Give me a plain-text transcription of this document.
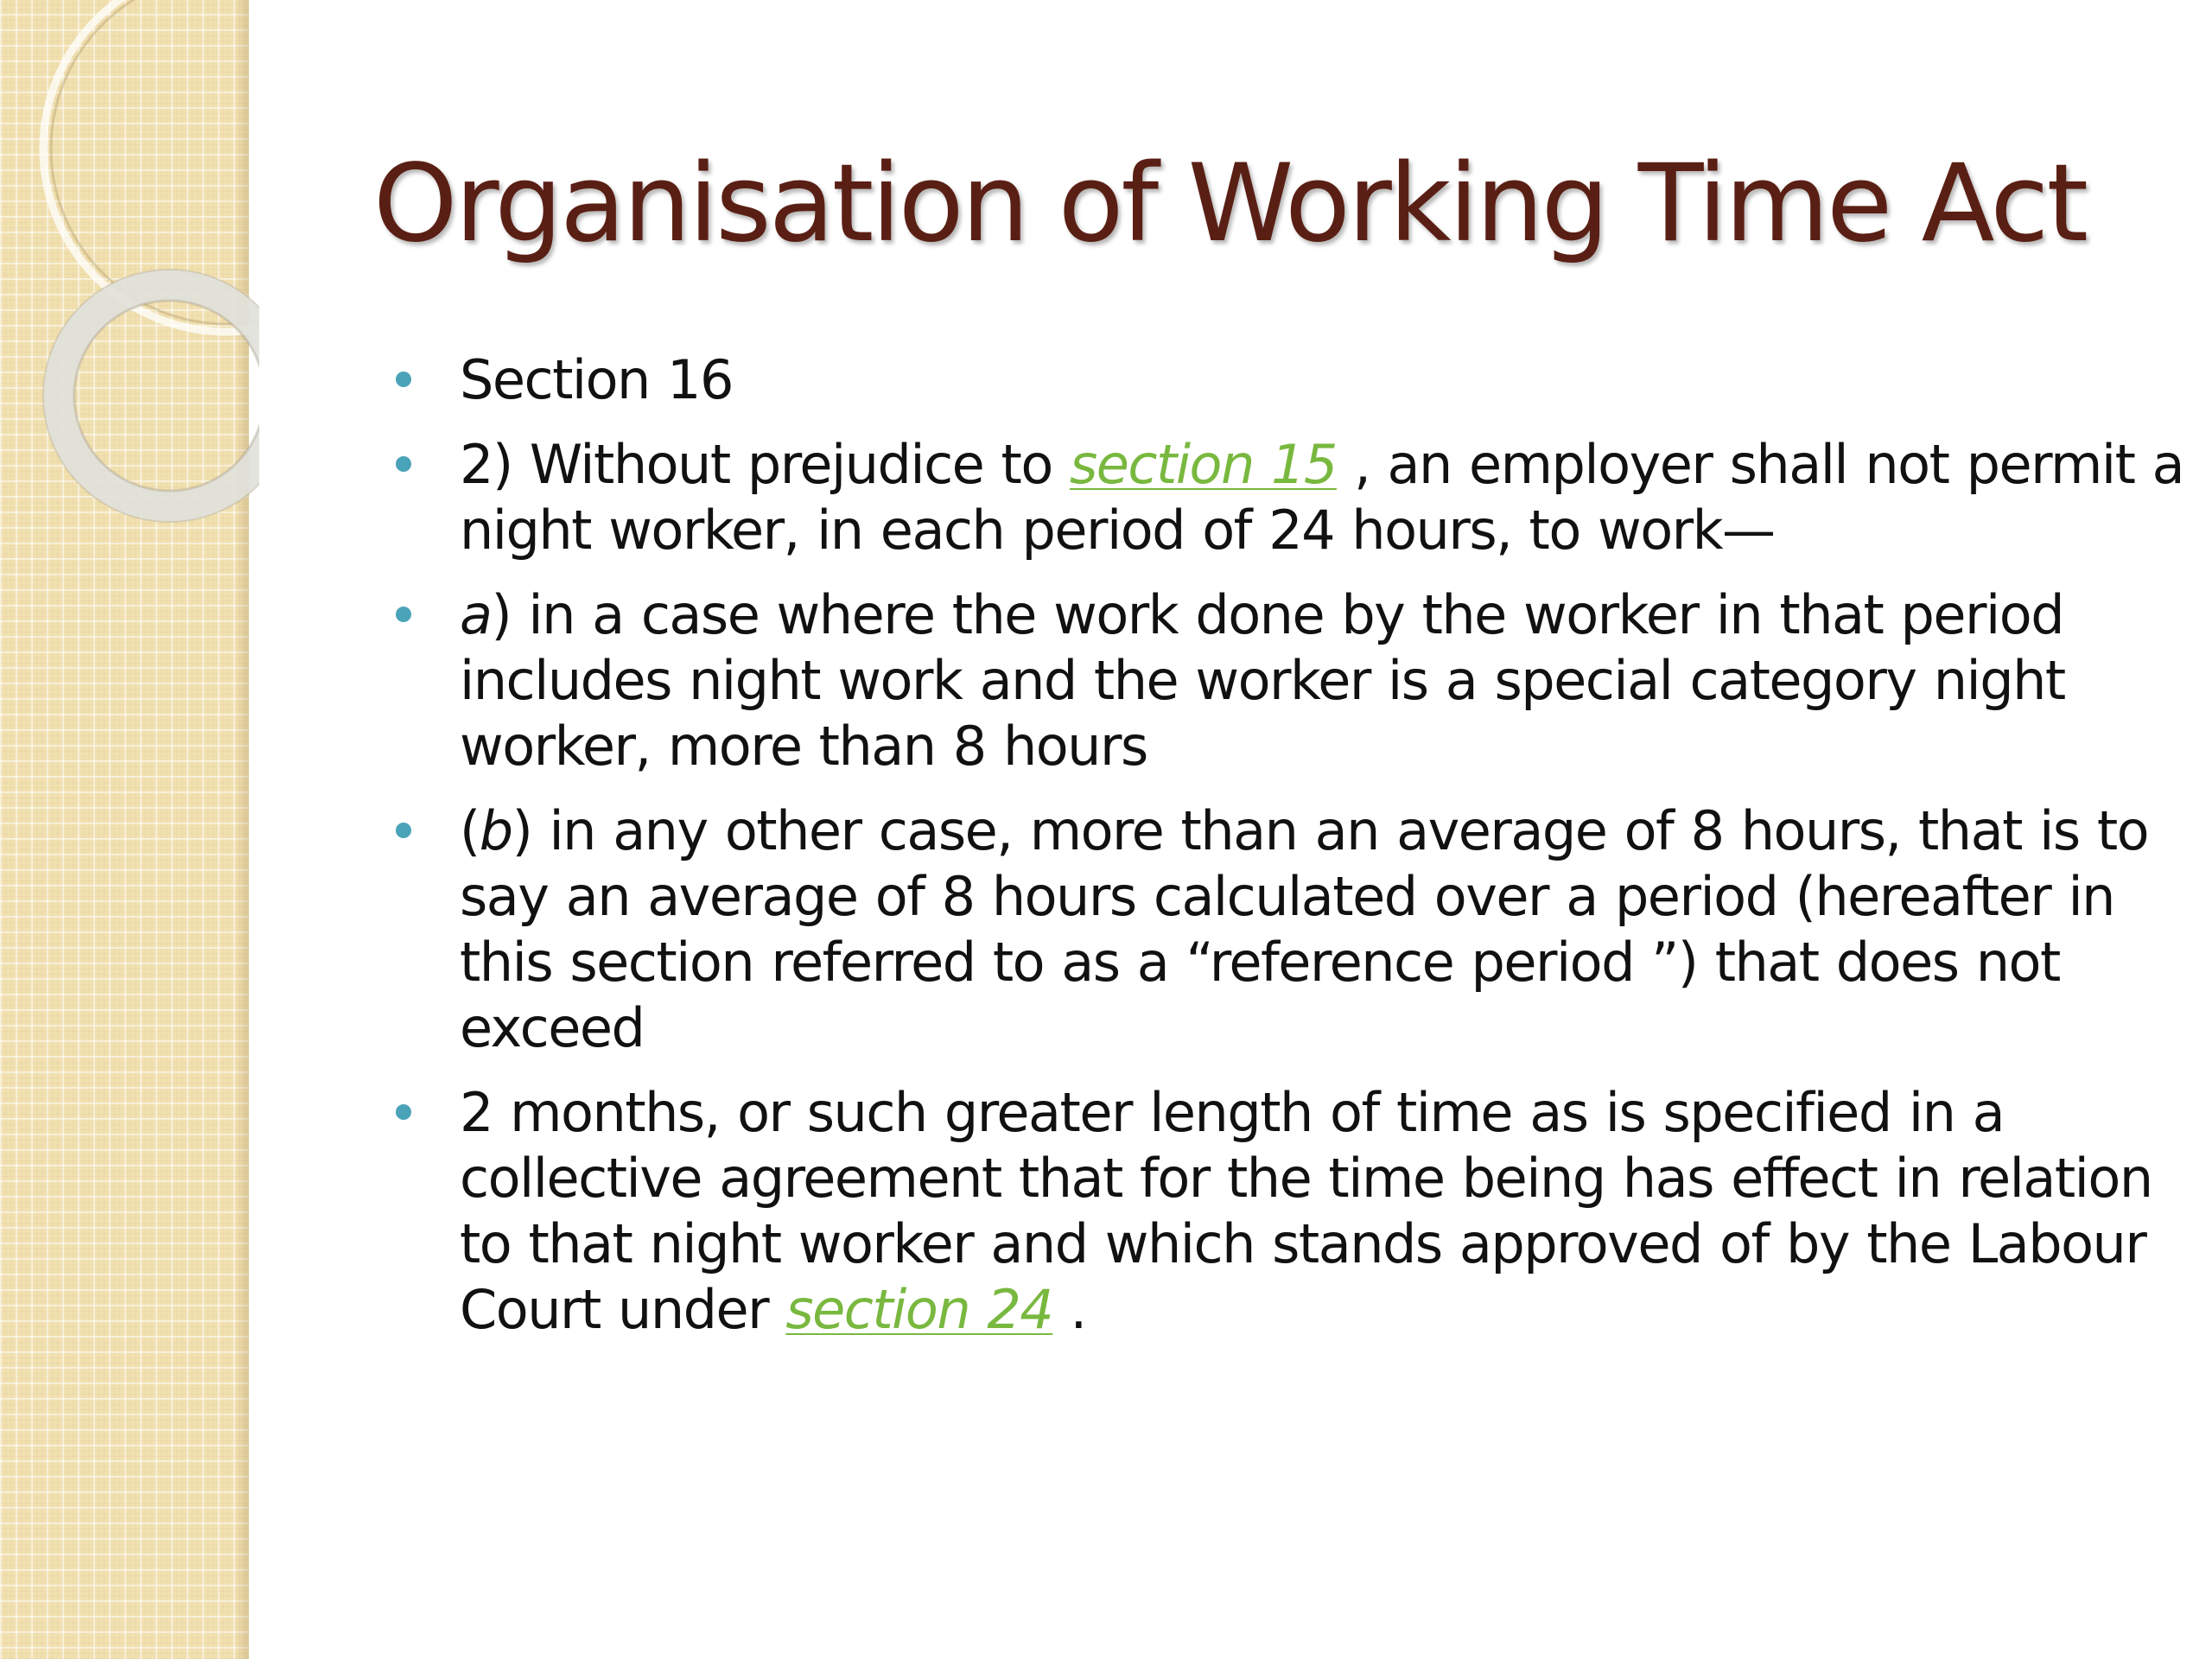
Organisation of Working Time Act
Section 16
2) Without prejudice to section 15 , an employer shall not permit a night worker, in each period of 24 hours, to work—
a) in a case where the work done by the worker in that period includes night work and the worker is a special category night worker, more than 8 hours
(b) in any other case, more than an average of 8 hours, that is to say an average of 8 hours calculated over a period (hereafter in this section referred to as a “reference period ”) that does not exceed
2 months, or such greater length of time as is specified in a collective agreement that for the time being has effect in relation to that night worker and which stands approved of by the Labour Court under section 24 .
